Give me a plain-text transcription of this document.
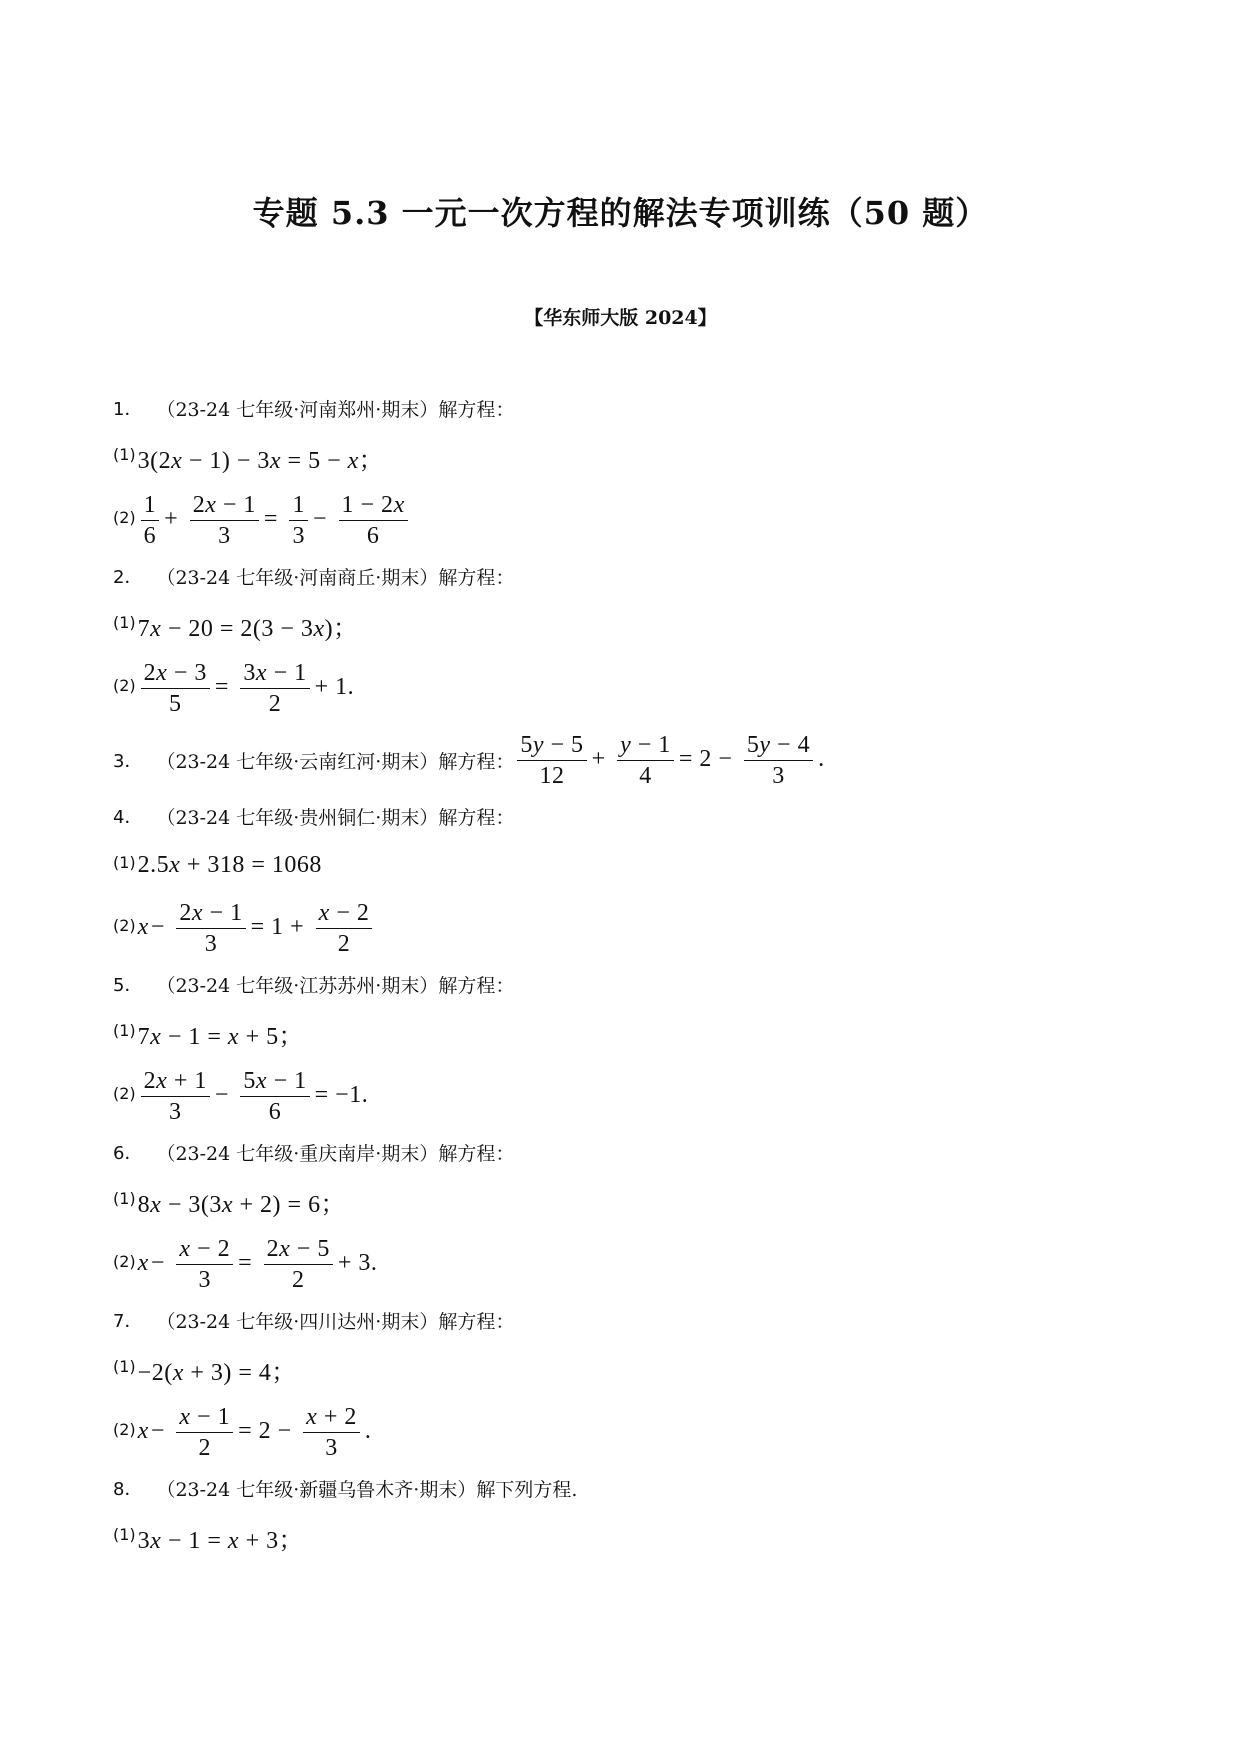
专题 5.3 一元一次方程的解法专项训练（50 题）
【华东师大版 2024】
1． （23-24 七年级·河南郑州·期末）解方程：
(1) 3(2x − 1) − 3x = 5 − x；
$(2) \frac{1}{6} + \frac{2x - 1}{3} = \frac{1}{3} - \frac{1 - 2x}{6}$
2． （23-24 七年级·河南商丘·期末）解方程：
(1) 7x − 20 = 2(3 − 3x)；
$(2) \frac{2x - 3}{5} = \frac{3x - 1}{2} + 1$.
3． （23-24 七年级·云南红河·期末）解方程： $\frac{5y - 5}{12} + \frac{y - 1}{4} = 2 - \frac{5y - 4}{3}$ .
4． （23-24 七年级·贵州铜仁·期末）解方程：
(1) 2.5x + 318 = 1068
(2) $x- \frac{2x - 1}{3} = 1 + \frac{x - 2}{2}$
5． （23-24 七年级·江苏苏州·期末）解方程：
(1) 7x − 1 = x + 5；
$(2) \frac{2x + 1}{3} - \frac{5x - 1}{6} = -1$.
6． （23-24 七年级·重庆南岸·期末）解方程：
(1) 8x − 3(3x + 2) = 6；
(2) $x- \frac{x - 2}{3} = \frac{2x - 5}{2} + 3$.
7． （23-24 七年级·四川达州·期末）解方程：
(1) −2(x + 3) = 4；
(2) $x- \frac{x - 1}{2} = 2 - \frac{x + 2}{3}$ .
8． （23-24 七年级·新疆乌鲁木齐·期末）解下列方程.
(1) 3x − 1 = x + 3；
